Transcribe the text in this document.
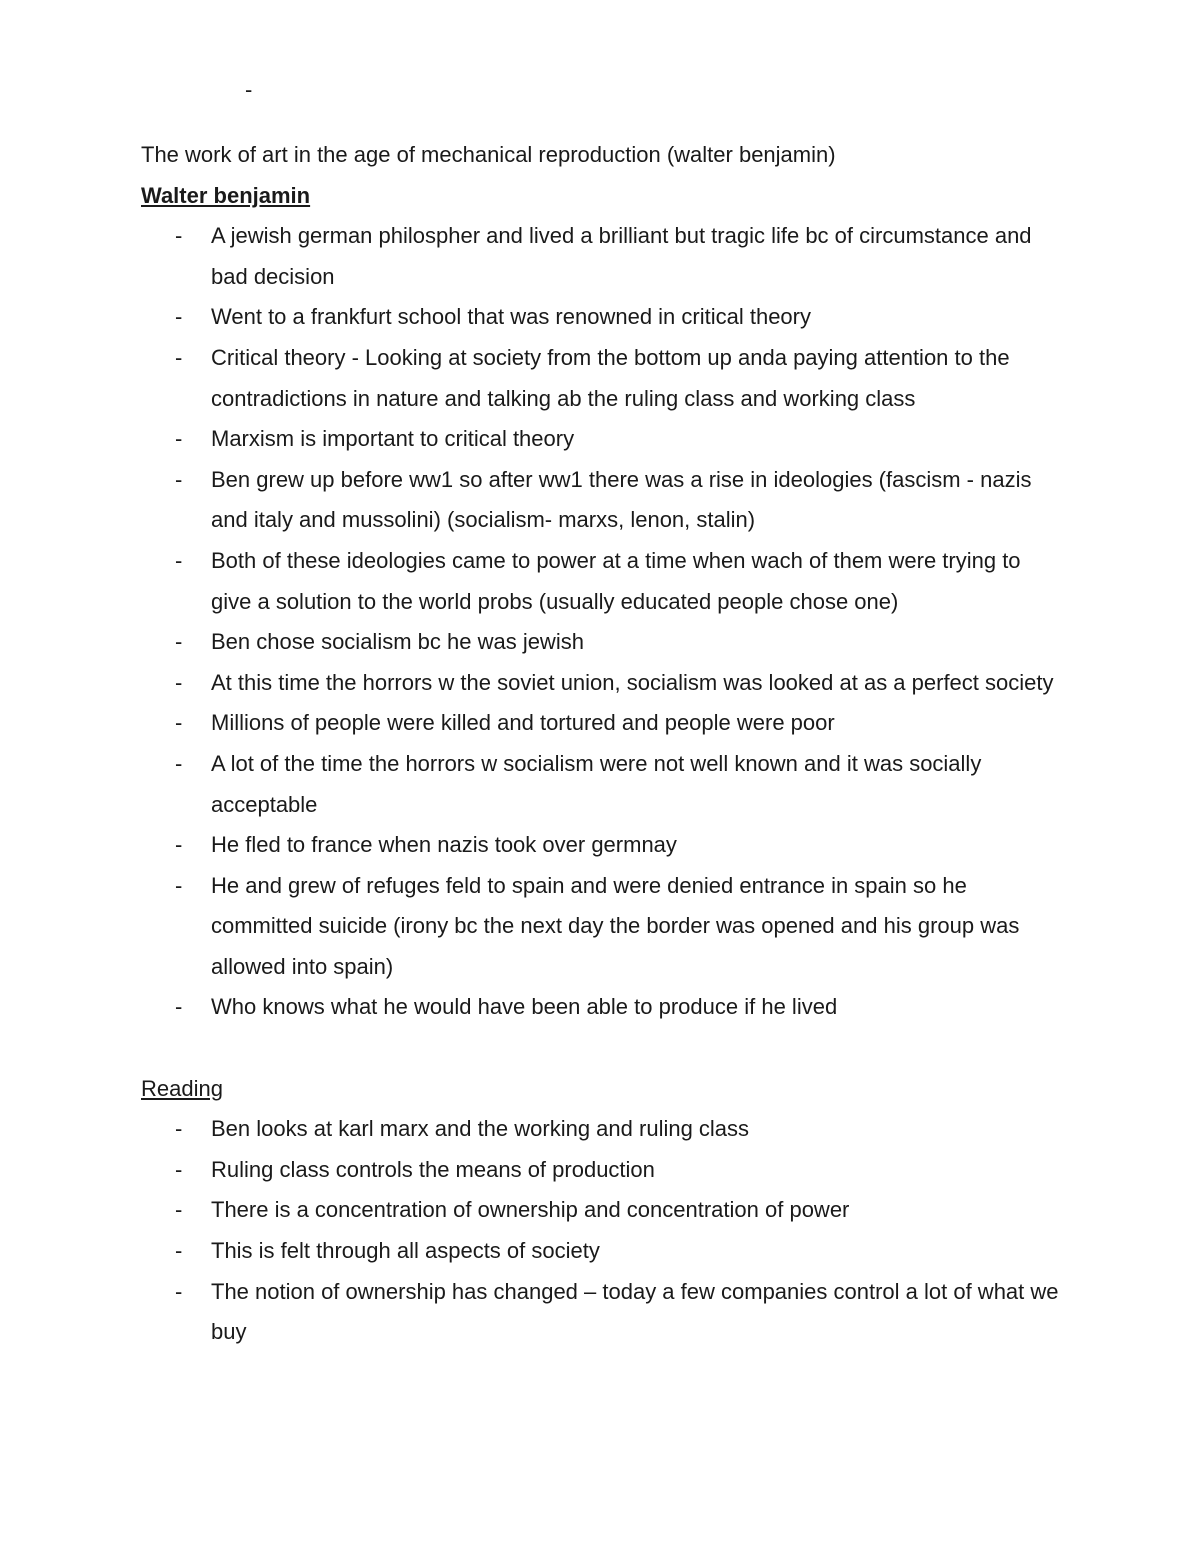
-

The work of art in the age of mechanical reproduction (walter benjamin)

Walter benjamin

- A jewish german philospher and lived a brilliant but tragic life bc of circumstance and bad decision
- Went to a frankfurt school that was renowned in critical theory
- Critical theory - Looking at society from the bottom up anda paying attention to the contradictions in nature and talking ab the ruling class and working class
- Marxism is important to critical theory
- Ben grew up before ww1 so after ww1 there was a rise in ideologies (fascism - nazis and italy and mussolini) (socialism- marxs, lenon, stalin)
- Both of these ideologies came to power at a time when wach of them were trying to give a solution to the world probs (usually educated people chose one)
- Ben chose socialism bc he was jewish
- At this time the horrors w the soviet union, socialism was looked at as a perfect society
- Millions of people were killed and tortured and people were poor
- A lot of the time the horrors w socialism were not well known and it was socially acceptable
- He fled to france when nazis took over germnay
- He and grew of refuges feld to spain and were denied entrance in spain so he committed suicide (irony bc the next day the border was opened and his group was allowed into spain)
- Who knows what he would have been able to produce if he lived

Reading

- Ben looks at karl marx and the working and ruling class
- Ruling class controls the means of production
- There is a concentration of ownership and concentration of power
- This is felt through all aspects of society
- The notion of ownership has changed – today a few companies control a lot of what we buy
